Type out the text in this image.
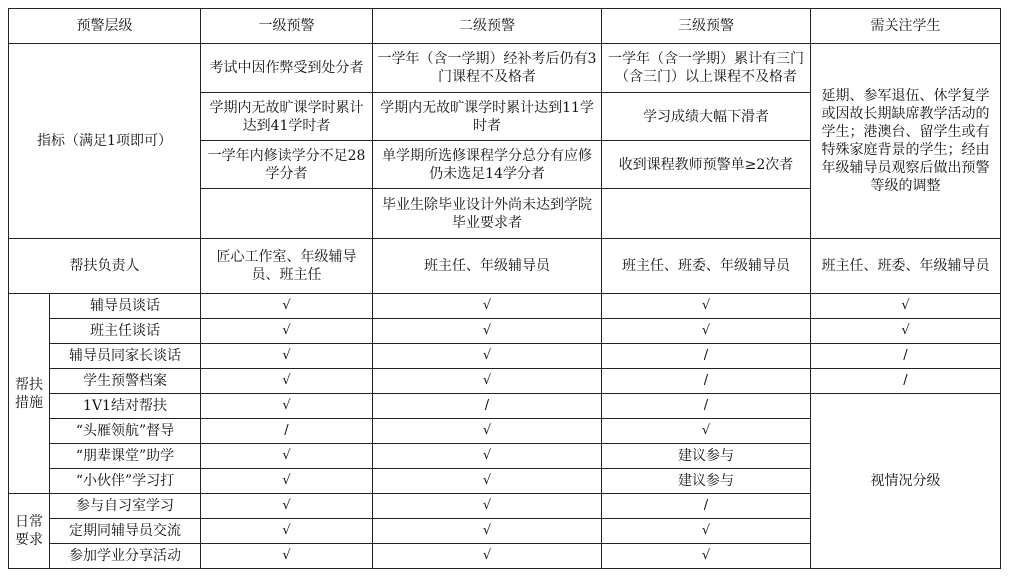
预警层级		一级预警	二级预警	三级预警	需关注学生
指标（满足1项即可）		考试中因作弊受到处分者	一学年（含一学期）经补考后仍有3门课程不及格者	一学年（含一学期）累计有三门（含三门）以上课程不及格者	延期、参军退伍、休学复学或因故长期缺席教学活动的学生；港澳台、留学生或有特殊家庭背景的学生；经由年级辅导员观察后做出预警等级的调整

		学期内无故旷课学时累计达到41学时者	学期内无故旷课学时累计达到11学时者	学习成绩大幅下滑者	

		一学年内修读学分不足28学分者	单学期所选修课程学分总分有应修仍未选足14学分者	收到课程教师预警单≥2次者	

			毕业生除毕业设计外尚未达到学院毕业要求者		

帮扶负责人		匠心工作室、年级辅导员、班主任	班主任、年级辅导员	班主任、班委、年级辅导员	班主任、班委、年级辅导员

帮扶措施	辅导员谈话	√	√	√	√

	班主任谈话	√	√	√	√

	辅导员同家长谈话	√	√	/	/

	学生预警档案	√	√	/	/

	1V1结对帮扶	√	/	/	视情况分级

	“头雁领航”督导	/	√	√	

	“朋辈课堂”助学	√	√	建议参与	

	“小伙伴”学习打	√	√	建议参与	
日常要求	参与自习室学习	√	√	/	

	定期同辅导员交流	√	√	√	

	参加学业分享活动	√	√	√	
